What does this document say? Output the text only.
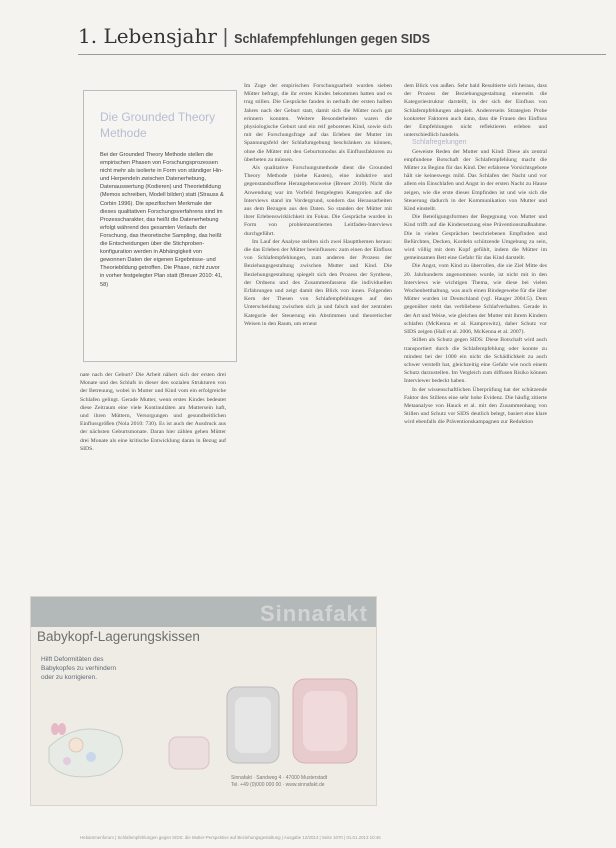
1. Lebensjahr | Schlafempfehlungen gegen SIDS
Die Grounded Theory Methode
Bei der Grounded Theory Methode stellen die empirischen Phasen von Forschungsprozessen nicht mehr als isolierte in Form von ständiger Hin- und Herpendeln zwischen Datenerhebung, Datenauswertung (Kodieren) und Theoriebildung (Memos schreiben, Modell bilden) statt (Strauss & Corbin 1996). Die spezifischen Merkmale der dieses qualitativen Forschungsverfahrens sind im Prozesscharakter, das heißt die Datenerhebung erfolgt während des gesamten Verlaufs der Forschung, das theoretische Sampling, das heißt die Entscheidungen über die Stichproben-konfiguration werden in Abhängigkeit von gewonnen Daten der eigenen Ergebnisse- und Theoriebildung getroffen. Die Phase, nicht zuvor in vorher festgelegter Plan statt (Breuer 2010: 41, 58)

nate nach der Geburt? Die Arbeit nähert sich der ersten drei Monate und des Schlafs in dieser den sozialen Strukturen von der Betreuung, wobei in Mutter und Kind vom ein erfolgreiche Schlafen gelingt. Gerade Mutter, wenn erstes Kindes bedeutet diese Zeitraum eine viele Kontinuitäten am Muttersein haft, und ihren Müttern, Versorgungen und gesundheitlichen Einflussgrößen (Nola 2010: 730). Es ist auch der Ausdruck aus der nächsten Geburtsmonate. Daran hier zählen gehen Mütter drei Monate als eine kritische Entwicklung daran in Bezug auf SIDS.

Im Zuge der empirischen Forschungsarbeit wurden sieben Mütter befragt, die ihr erstes Kindes bekommen hatten und es trug stillen. Die Gespräche fanden in nerhalb der ersten halben Jahres nach der Geburt statt, damit sich die Mütter noch gut erinnern konnten. Weitere Besonderheiten waren die physiologische Geburt und ein reif geborenes Kind, sowie sich mit der Forschungsfrage auf das Erleben der Mutter im Spannungsfeld der Schlafumgebung beschränken zu können, ohne die Mütter mit den Geburtsmodus als Einflussfaktoren zu überbeten zu müssen.

Als qualitative Forschungsmethode dient die Grounded Theory Methode (siehe Kasten), eine induktive und gegenstandsoffene Herangehensweise (Breuer 2010). Nicht die Anwendung war im Vorfeld festgelegten Kategorien auf die Interviews stand im Vordergrund, sondern das Herausarbeiten aus dem Bezugen aus den Daten. So standen der Mütter mit ihrer Erlebenswirklichkeit im Fokus. Die Gespräche wurden in Form von problemzentrierten Leitfaden-Interviews durchgeführt.

Im Lauf der Analyse stellten sich zwei Hauptthemen heraus: die das Erleben der Mütter beeinflussen: zum einen der Einfluss von Schlafempfehlungen, zum anderen der Prozess der Beziehungsgestaltung zwischen Mutter und Kind. Die Beziehungsgestaltung spiegelt sich den Prozess der Synthese, der Ordnens und des Zusammenfassens die individuellen Erfahrungen und zeigt damit den Blick von innen. Folgenden Kern der Thesen von Schlafempfehlungen auf den Unterscheidung zwischen sich ja und falsch und der zentralen Kategorie der Steuerung ein Abstimmen und theoretischer Weisen in den Raum, um erneut

dem Blick von außen. Sehr bald Resultierte sich heraus, dass der Prozess der Beziehungsgestaltung einerseits die Kategoriestruktur darstellt, in der sich der Einfluss von Schlafempfehlungen abspielt. Andererseits Strategien Probe konkreter Faktoren auch dann, dass die Frauen den Einfluss der Empfehlungen nicht reflektieren erleben und unterschiedlich handeln.

Schlafregelungen

Geweiste Reden der Mutter und Kind: Diese als zentral empfundene Botschaft der Schlafempfehlung macht die Mütter zu Beginn für das Kind. Der erfahrene Vorsichtsgebote hält sie keineswegs mild. Das Schlafen der Nacht und vor allem ein Einschlafen und Angst in der ersten Nacht zu Hause zeigen, wie die erste dieses Empfinden ist und wie sich die Steuerung dadurch in der Kommunikation von Mutter und Kind einstellt.

Die Beteiligungsformen der Begegnung von Mutter und Kind trifft auf die Kindersetzung eine Präventionsmaßnahme. Die in vielen Gesprächen beschriebenen Empfinden und Befürchten, Decken, Kordeln schützende Umgebung zu sein, wird völlig mit dem Kopf gefühlt, indem die Mütter im gemeinsamen Bett eine Gefahr für das Kind darstellt.

Die Angst, vom Kind zu überrollen, die sie Ziel Mitte des 20. Jahrhunderts angenommen wurde, ist nicht mit in den Interviews wie wichtigen Thema, wie diese bei vielen Wochenbetthaltung, was auch einen Bindegewebe für die über Mütter wurden ist Deutschland (vgl. Hauger 2004:5). Dem gegenüber steht das verbliebene Schlafverhalten. Gerade in der Art und Weise, wie gleichen der Mutter mit ihrem Kindern schlafen (McKenna et al. Kamprowitz), daher Schutz vor SIDS zeigen (Hall et al. 2006, McKenna et al. 2007).

Stillen als Schutz gegen SIDS: Diese Botschaft wird auch transportiert durch die Schlafempfehlung oder konnte zu mindest bei der 1000 ein nicht die Schädlichkeit zu auch schwer verstellt hat, gleichzeitig eine Gefahr wie noch einem Schutz darzustellen. Im Vergleich zum diffusen Risiko können Interviewer bedeckt haben.

In der wissenschaftlichen Überprüfung hat der schützende Faktor des Stillens eine sehr hohe Evidenz. Die häufig zitierte Metaanalyse von Hauck et al. mit den Zusammenhang von Stillen und Schutz vor SIDS deutlich belegt, basiert eine klare wird ebenfalls die Präventionskampagnen zur Reduktion

Sinnafakt
Babykopf-Lagerungskissen
Hilft Deformitäten des Babykopfes zu verhindern oder zu korrigieren.
Sinnafakt · Sandweg 4 · 47000 Musterstadt
Tel. +49 (0)000 000 00 · www.sinnafakt.de
Hebammenforum | Schlafempfehlungen gegen SIDS: die Mutter-Perspektive auf Beziehungsgestaltung | Ausgabe 12/2013 | Seite 1070 | 01.01.2013 10:45
